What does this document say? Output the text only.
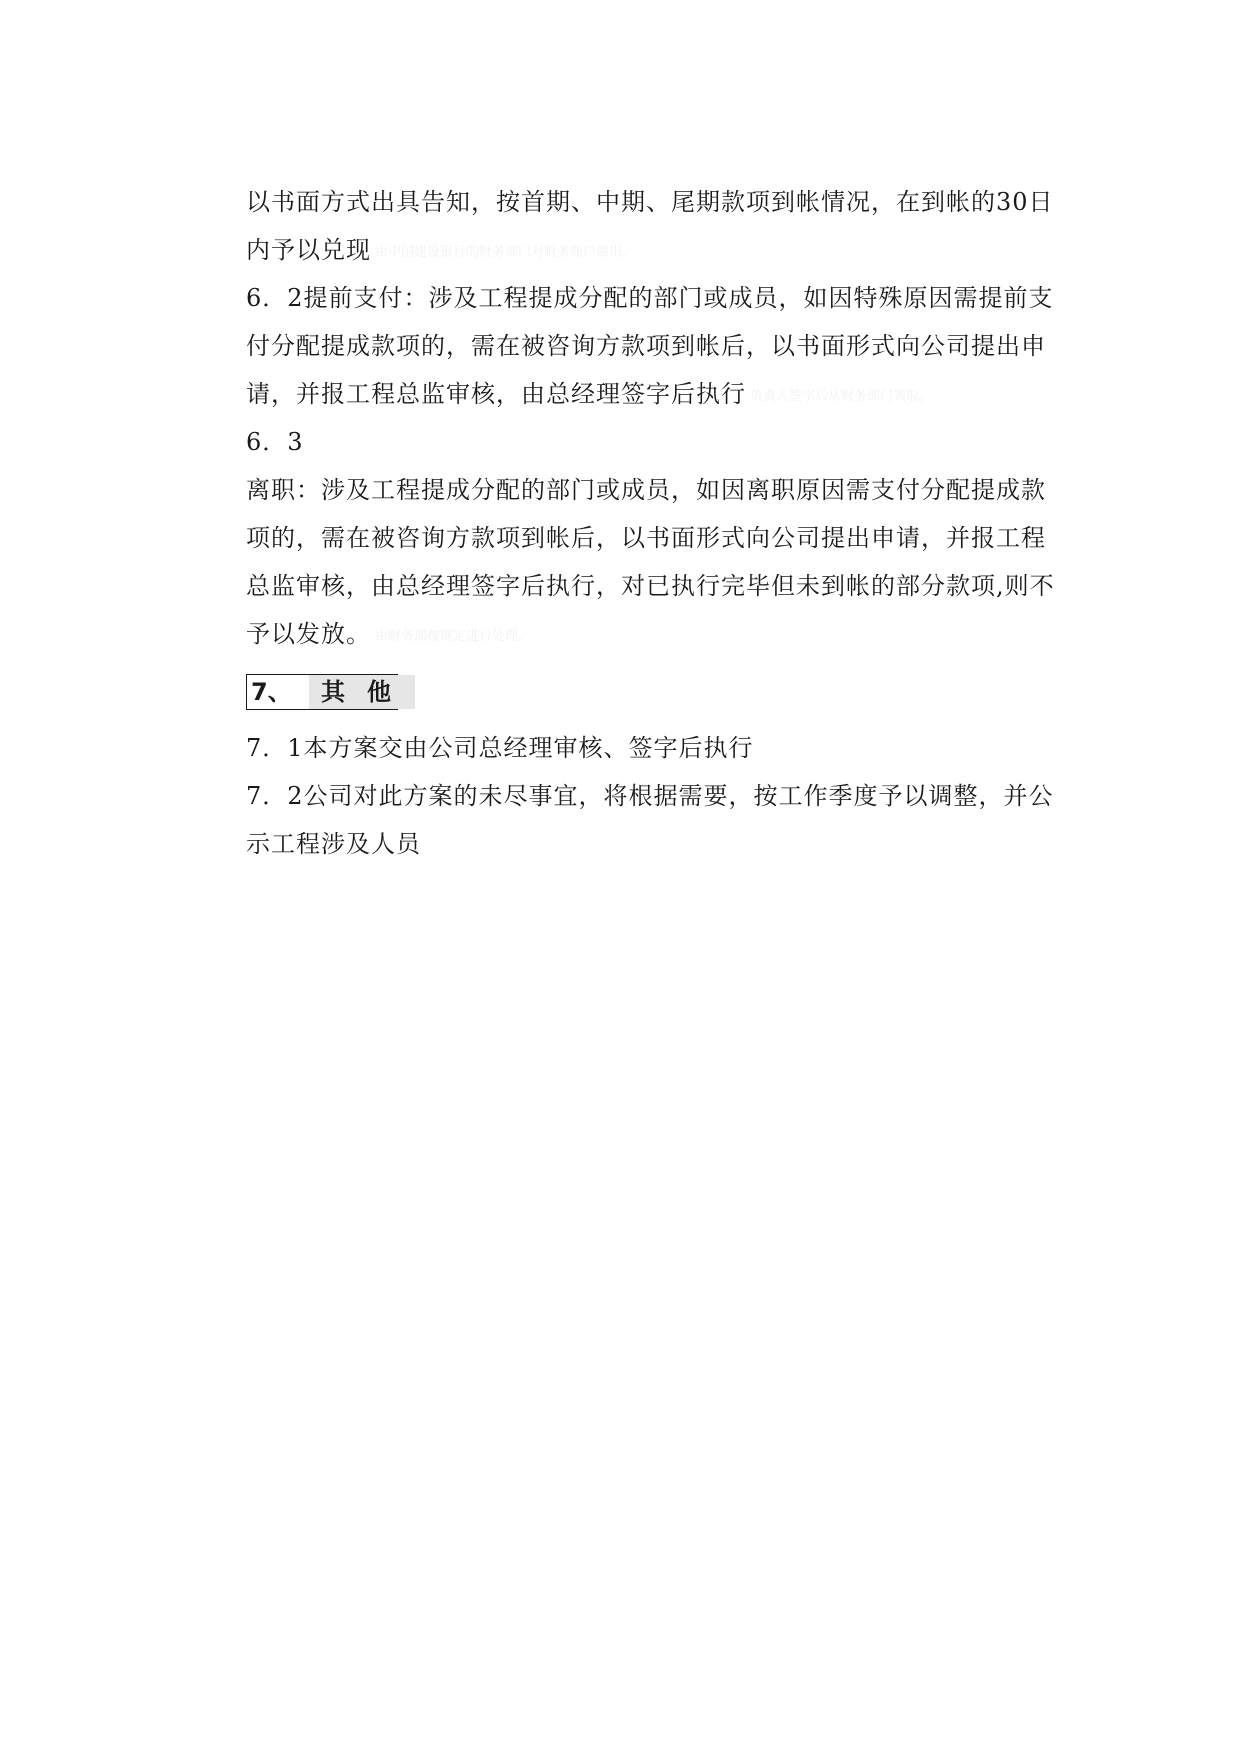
以书面方式出具告知，按首期、中期、尾期款项到帐情况，在到帐的30日
内予以兑现 由中国建设银行的财务部门对财务账户做出。
6．2提前支付：涉及工程提成分配的部门或成员，如因特殊原因需提前支
付分配提成款项的，需在被咨询方款项到帐后，以书面形式向公司提出申
请，并报工程总监审核，由总经理签字后执行 负责人签字后从财务部门领取。
6．3
离职：涉及工程提成分配的部门或成员，如因离职原因需支付分配提成款
项的，需在被咨询方款项到帐后，以书面形式向公司提出申请，并报工程
总监审核，由总经理签字后执行，对已执行完毕但未到帐的部分款项,则不
予以发放。 由财务部按规定进行处理。
7、 其他
7．1本方案交由公司总经理审核、签字后执行
7．2公司对此方案的未尽事宜，将根据需要，按工作季度予以调整，并公
示工程涉及人员
